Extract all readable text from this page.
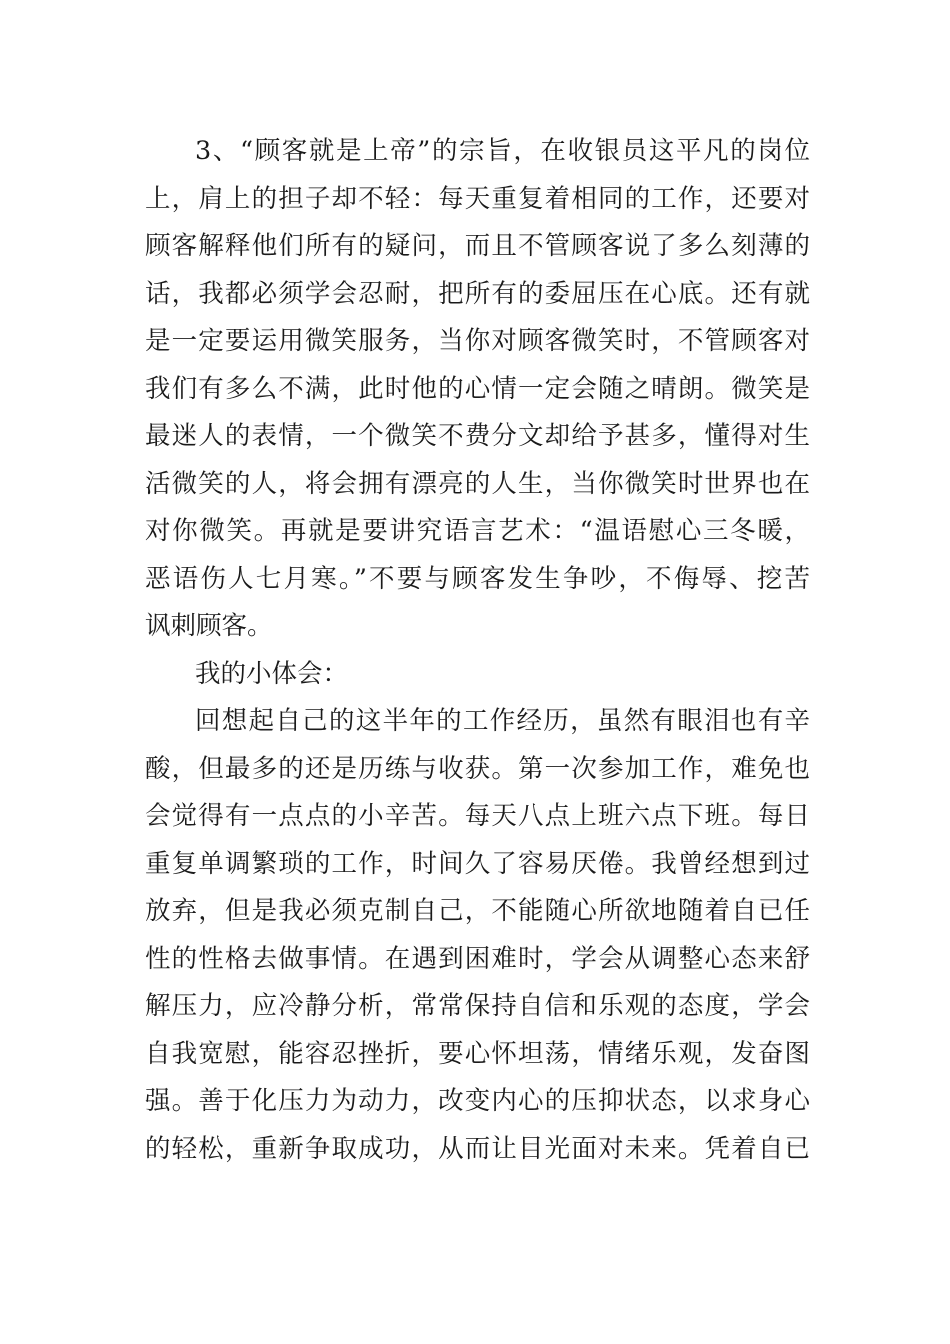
3、“顾客就是上帝”的宗旨，在收银员这平凡的岗位
上，肩上的担子却不轻：每天重复着相同的工作，还要对
顾客解释他们所有的疑问，而且不管顾客说了多么刻薄的
话，我都必须学会忍耐，把所有的委屈压在心底。还有就
是一定要运用微笑服务，当你对顾客微笑时，不管顾客对
我们有多么不满，此时他的心情一定会随之晴朗。微笑是
最迷人的表情，一个微笑不费分文却给予甚多，懂得对生
活微笑的人，将会拥有漂亮的人生，当你微笑时世界也在
对你微笑。再就是要讲究语言艺术：“温语慰心三冬暖，
恶语伤人七月寒。”不要与顾客发生争吵，不侮辱、挖苦
讽刺顾客。
我的小体会：
回想起自己的这半年的工作经历，虽然有眼泪也有辛
酸，但最多的还是历练与收获。第一次参加工作，难免也
会觉得有一点点的小辛苦。每天八点上班六点下班。每日
重复单调繁琐的工作，时间久了容易厌倦。我曾经想到过
放弃，但是我必须克制自己，不能随心所欲地随着自已任
性的性格去做事情。在遇到困难时，学会从调整心态来舒
解压力，应冷静分析，常常保持自信和乐观的态度，学会
自我宽慰，能容忍挫折，要心怀坦荡，情绪乐观，发奋图
强。善于化压力为动力，改变内心的压抑状态，以求身心
的轻松，重新争取成功，从而让目光面对未来。凭着自已
